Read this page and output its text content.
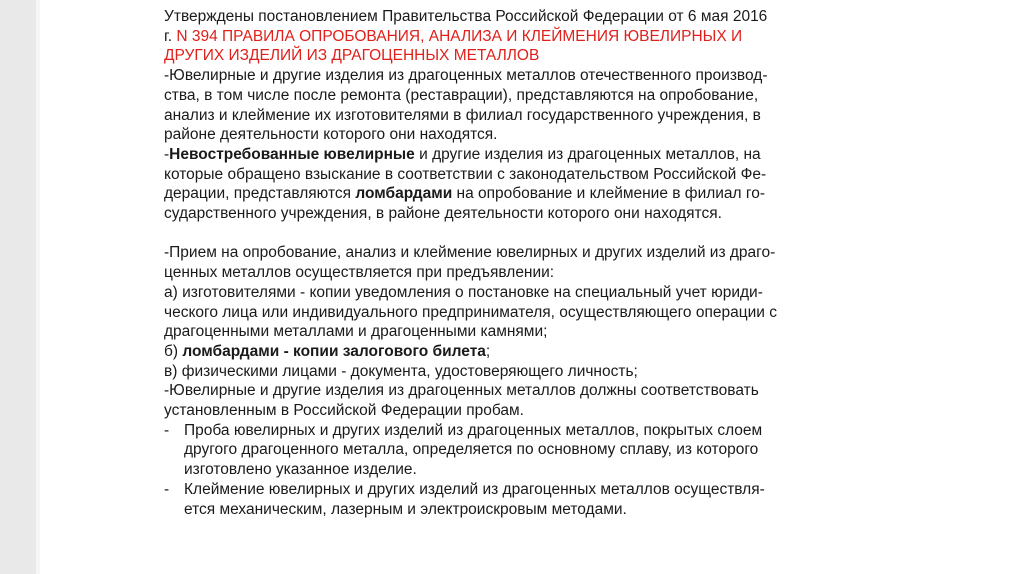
Утверждены постановлением Правительства Российской Федерации от 6 мая 2016
г. N 394 ПРАВИЛА ОПРОБОВАНИЯ, АНАЛИЗА И КЛЕЙМЕНИЯ ЮВЕЛИРНЫХ И
ДРУГИХ ИЗДЕЛИЙ ИЗ ДРАГОЦЕННЫХ МЕТАЛЛОВ
-Ювелирные и другие изделия из драгоценных металлов отечественного производ-
ства, в том числе после ремонта (реставрации), представляются на опробование,
анализ и клеймение их изготовителями в филиал государственного учреждения, в
районе деятельности которого они находятся.
-Невостребованные ювелирные и другие изделия из драгоценных металлов, на
которые обращено взыскание в соответствии с законодательством Российской Фе-
дерации, представляются ломбардами на опробование и клеймение в филиал го-
сударственного учреждения, в районе деятельности которого они находятся.
-Прием на опробование, анализ и клеймение ювелирных и других изделий из драго-
ценных металлов осуществляется при предъявлении:
а) изготовителями - копии уведомления о постановке на специальный учет юриди-
ческого лица или индивидуального предпринимателя, осуществляющего операции с
драгоценными металлами и драгоценными камнями;
б) ломбардами - копии залогового билета;
в) физическими лицами - документа, удостоверяющего личность;
-Ювелирные и другие изделия из драгоценных металлов должны соответствовать
установленным в Российской Федерации пробам.
- Проба ювелирных и других изделий из драгоценных металлов, покрытых слоем
другого драгоценного металла, определяется по основному сплаву, из которого
изготовлено указанное изделие.
- Клеймение ювелирных и других изделий из драгоценных металлов осуществля-
ется механическим, лазерным и электроискровым методами.
